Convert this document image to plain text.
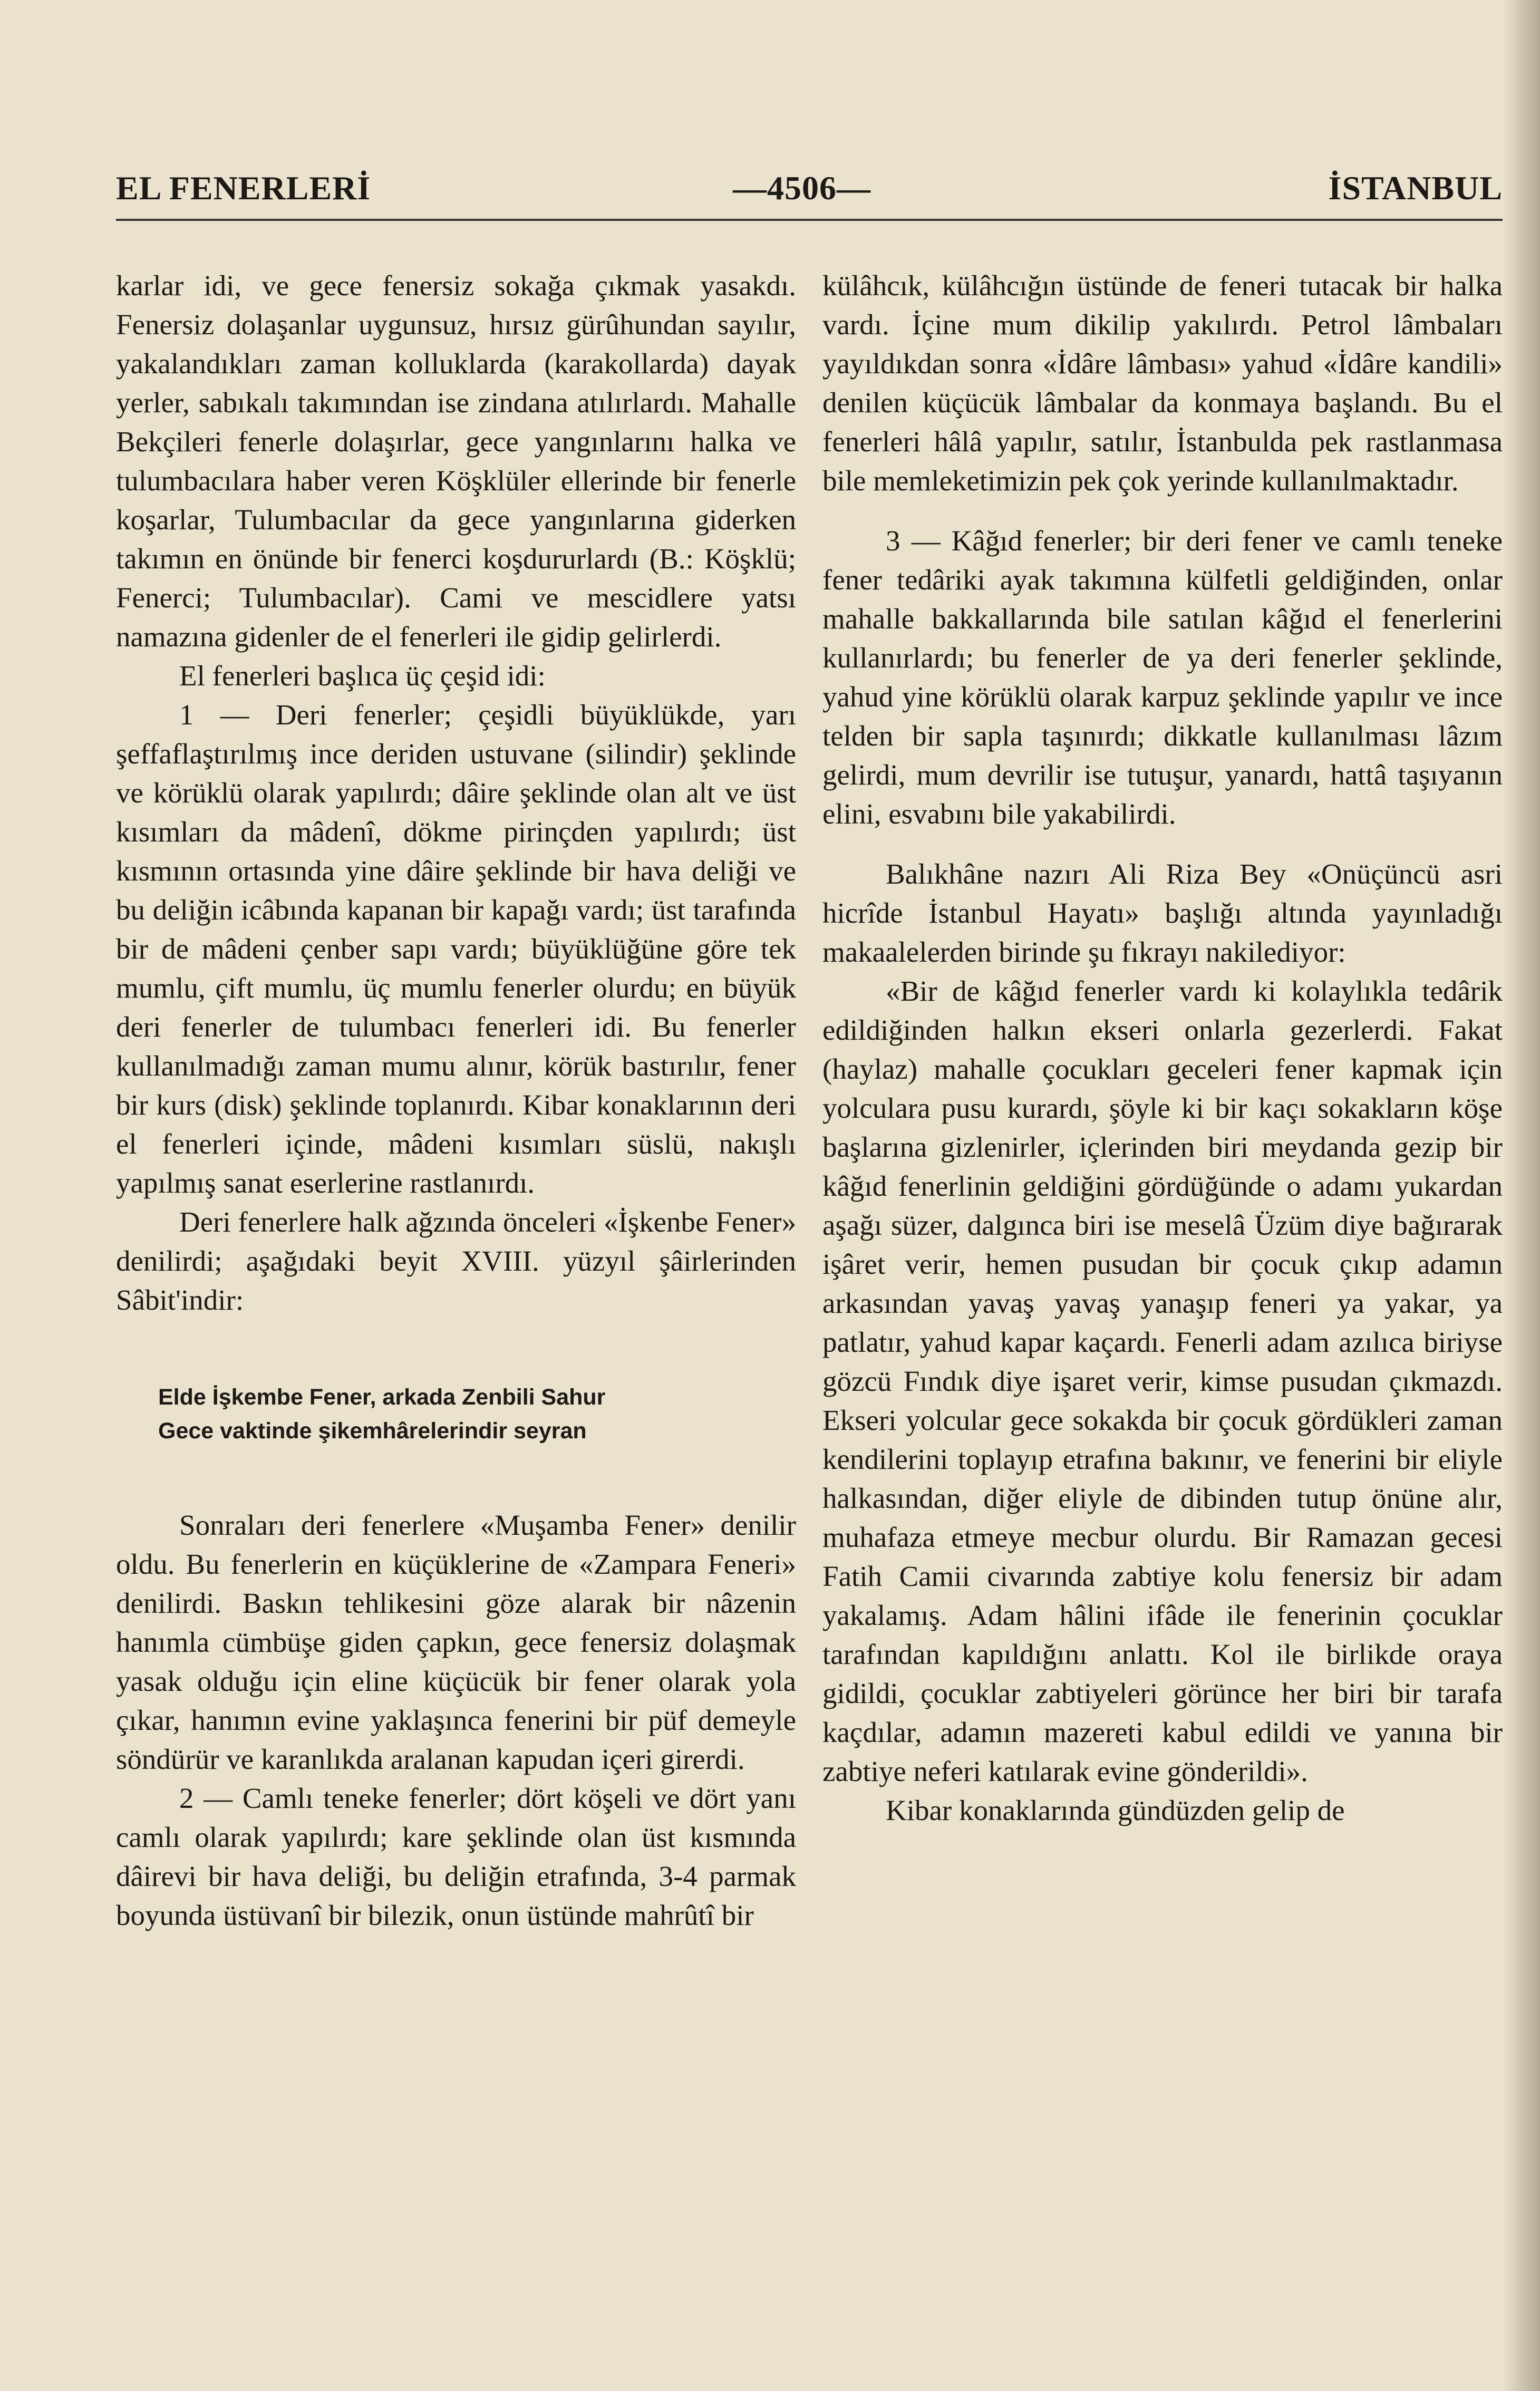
EL FENERLERİ	—4506—	İSTANBUL

karlar idi, ve gece fenersiz sokağa çıkmak yasakdı. Fenersiz dolaşanlar uygunsuz, hırsız gürûhundan sayılır, yakalandıkları zaman kolluklarda (karakollarda) dayak yerler, sabıkalı takımından ise zindana atılırlardı. Mahalle Bekçileri fenerle dolaşırlar, gece yangınlarını halka ve tulumbacılara haber veren Köşklüler ellerinde bir fenerle koşarlar, Tulumbacılar da gece yangınlarına giderken takımın en önünde bir fenerci koşdururlardı (B.: Köşklü; Fenerci; Tulumbacılar). Cami ve mescidlere yatsı namazına gidenler de el fenerleri ile gidip gelirlerdi.

El fenerleri başlıca üç çeşid idi:

1 — Deri fenerler; çeşidli büyüklükde, yarı şeffaflaştırılmış ince deriden ustuvane (silindir) şeklinde ve körüklü olarak yapılırdı; dâire şeklinde olan alt ve üst kısımları da mâdenî, dökme pirinçden yapılırdı; üst kısmının ortasında yine dâire şeklinde bir hava deliği ve bu deliğin icâbında kapanan bir kapağı vardı; üst tarafında bir de mâdeni çenber sapı vardı; büyüklüğüne göre tek mumlu, çift mumlu, üç mumlu fenerler olurdu; en büyük deri fenerler de tulumbacı fenerleri idi. Bu fenerler kullanılmadığı zaman mumu alınır, körük bastırılır, fener bir kurs (disk) şeklinde toplanırdı. Kibar konaklarının deri el fenerleri içinde, mâdeni kısımları süslü, nakışlı yapılmış sanat eserlerine rastlanırdı.

Deri fenerlere halk ağzında önceleri «İşkenbe Fener» denilirdi; aşağıdaki beyit XVIII. yüzyıl şâirlerinden Sâbit'indir:

Elde İşkembe Fener, arkada Zenbili Sahur
Gece vaktinde şikemhârelerindir seyran

Sonraları deri fenerlere «Muşamba Fener» denilir oldu. Bu fenerlerin en küçüklerine de «Zampara Feneri» denilirdi. Baskın tehlikesini göze alarak bir nâzenin hanımla cümbüşe giden çapkın, gece fenersiz dolaşmak yasak olduğu için eline küçücük bir fener olarak yola çıkar, hanımın evine yaklaşınca fenerini bir püf demeyle söndürür ve karanlıkda aralanan kapudan içeri girerdi.

2 — Camlı teneke fenerler; dört köşeli ve dört yanı camlı olarak yapılırdı; kare şeklinde olan üst kısmında dâirevi bir hava deliği, bu deliğin etrafında, 3-4 parmak boyunda üstüvanî bir bilezik, onun üstünde mahrûtî bir

külâhcık, külâhcığın üstünde de feneri tutacak bir halka vardı. İçine mum dikilip yakılırdı. Petrol lâmbaları yayıldıkdan sonra «İdâre lâmbası» yahud «İdâre kandili» denilen küçücük lâmbalar da konmaya başlandı. Bu el fenerleri hâlâ yapılır, satılır, İstanbulda pek rastlanmasa bile memleketimizin pek çok yerinde kullanılmaktadır.

3 — Kâğıd fenerler; bir deri fener ve camlı teneke fener tedâriki ayak takımına külfetli geldiğinden, onlar mahalle bakkallarında bile satılan kâğıd el fenerlerini kullanırlardı; bu fenerler de ya deri fenerler şeklinde, yahud yine körüklü olarak karpuz şeklinde yapılır ve ince telden bir sapla taşınırdı; dikkatle kullanılması lâzım gelirdi, mum devrilir ise tutuşur, yanardı, hattâ taşıyanın elini, esvabını bile yakabilirdi.

Balıkhâne nazırı Ali Riza Bey «Onüçüncü asri hicrîde İstanbul Hayatı» başlığı altında yayınladığı makaalelerden birinde şu fıkrayı nakilediyor:

«Bir de kâğıd fenerler vardı ki kolaylıkla tedârik edildiğinden halkın ekseri onlarla gezerlerdi. Fakat (haylaz) mahalle çocukları geceleri fener kapmak için yolculara pusu kurardı, şöyle ki bir kaçı sokakların köşe başlarına gizlenirler, içlerinden biri meydanda gezip bir kâğıd fenerlinin geldiğini gördüğünde o adamı yukardan aşağı süzer, dalgınca biri ise meselâ Üzüm diye bağırarak işâret verir, hemen pusudan bir çocuk çıkıp adamın arkasından yavaş yavaş yanaşıp feneri ya yakar, ya patlatır, yahud kapar kaçardı. Fenerli adam azılıca biriyse gözcü Fındık diye işaret verir, kimse pusudan çıkmazdı. Ekseri yolcular gece sokakda bir çocuk gördükleri zaman kendilerini toplayıp etrafına bakınır, ve fenerini bir eliyle halkasından, diğer eliyle de dibinden tutup önüne alır, muhafaza etmeye mecbur olurdu. Bir Ramazan gecesi Fatih Camii civarında zabtiye kolu fenersiz bir adam yakalamış. Adam hâlini ifâde ile fenerinin çocuklar tarafından kapıldığını anlattı. Kol ile birlikde oraya gidildi, çocuklar zabtiyeleri görünce her biri bir tarafa kaçdılar, adamın mazereti kabul edildi ve yanına bir zabtiye neferi katılarak evine gönderildi».

Kibar konaklarında gündüzden gelip de
